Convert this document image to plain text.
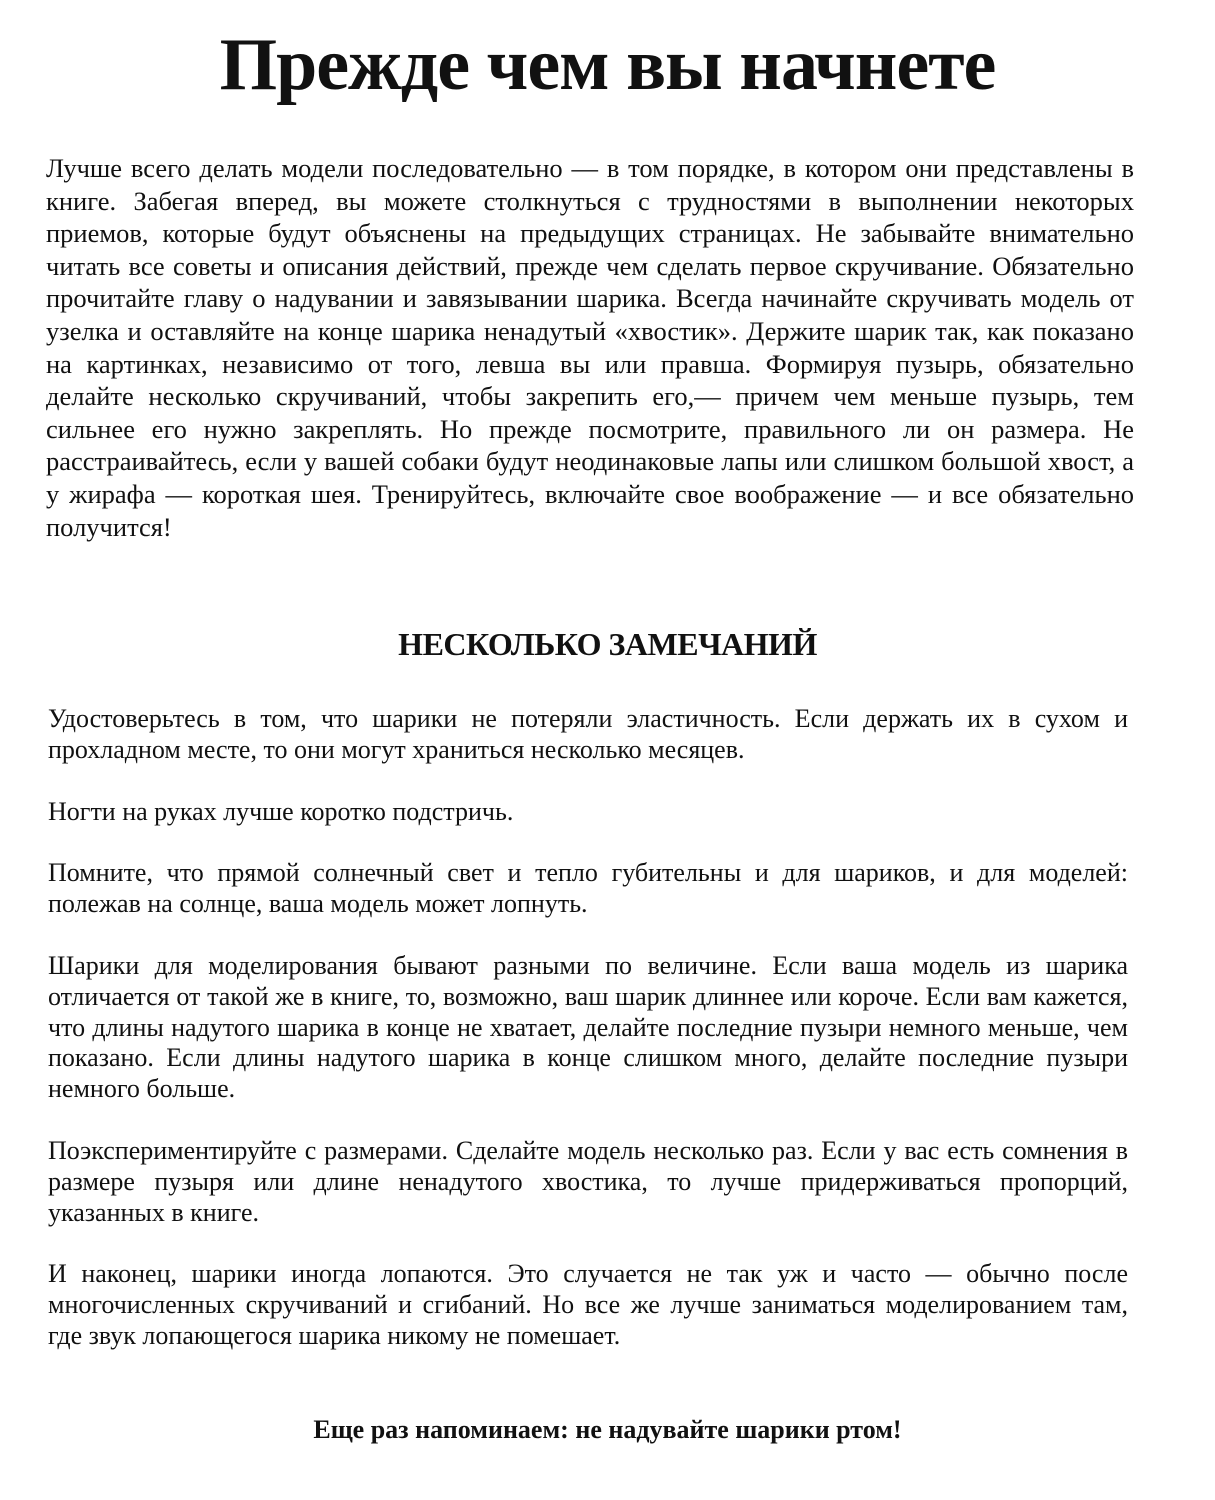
Прежде чем вы начнете

Лучше всего делать модели последовательно — в том порядке, в котором они представлены в книге. Забегая вперед, вы можете столкнуться с трудностями в выполнении некоторых приемов, которые будут объяснены на предыдущих страницах. Не забывайте внимательно читать все советы и описания действий, прежде чем сделать первое скручивание. Обязательно прочитайте главу о надувании и завязывании шарика. Всегда начинайте скручивать модель от узелка и оставляйте на конце шарика ненадутый «хвостик». Держите шарик так, как показано на картинках, независимо от того, левша вы или правша. Формируя пузырь, обязательно делайте несколько скручиваний, чтобы закрепить его,— причем чем меньше пузырь, тем сильнее его нужно закреплять. Но прежде посмотрите, правильного ли он размера. Не расстраивайтесь, если у вашей собаки будут неодинаковые лапы или слишком большой хвост, а у жирафа — короткая шея. Тренируйтесь, включайте свое воображение — и все обязательно получится!

НЕСКОЛЬКО ЗАМЕЧАНИЙ

Удостоверьтесь в том, что шарики не потеряли эластичность. Если держать их в сухом и прохладном месте, то они могут храниться несколько месяцев.

Ногти на руках лучше коротко подстричь.

Помните, что прямой солнечный свет и тепло губительны и для шариков, и для моделей: полежав на солнце, ваша модель может лопнуть.

Шарики для моделирования бывают разными по величине. Если ваша модель из шарика отличается от такой же в книге, то, возможно, ваш шарик длиннее или короче. Если вам кажется, что длины надутого шарика в конце не хватает, делайте последние пузыри немного меньше, чем показано. Если длины надутого шарика в конце слишком много, делайте последние пузыри немного больше.

Поэкспериментируйте с размерами. Сделайте модель несколько раз. Если у вас есть сомнения в размере пузыря или длине ненадутого хвостика, то лучше придерживаться пропорций, указанных в книге.

И наконец, шарики иногда лопаются. Это случается не так уж и часто — обычно после многочисленных скручиваний и сгибаний. Но все же лучше заниматься моделированием там, где звук лопающегося шарика никому не помешает.

Еще раз напоминаем: не надувайте шарики ртом!
